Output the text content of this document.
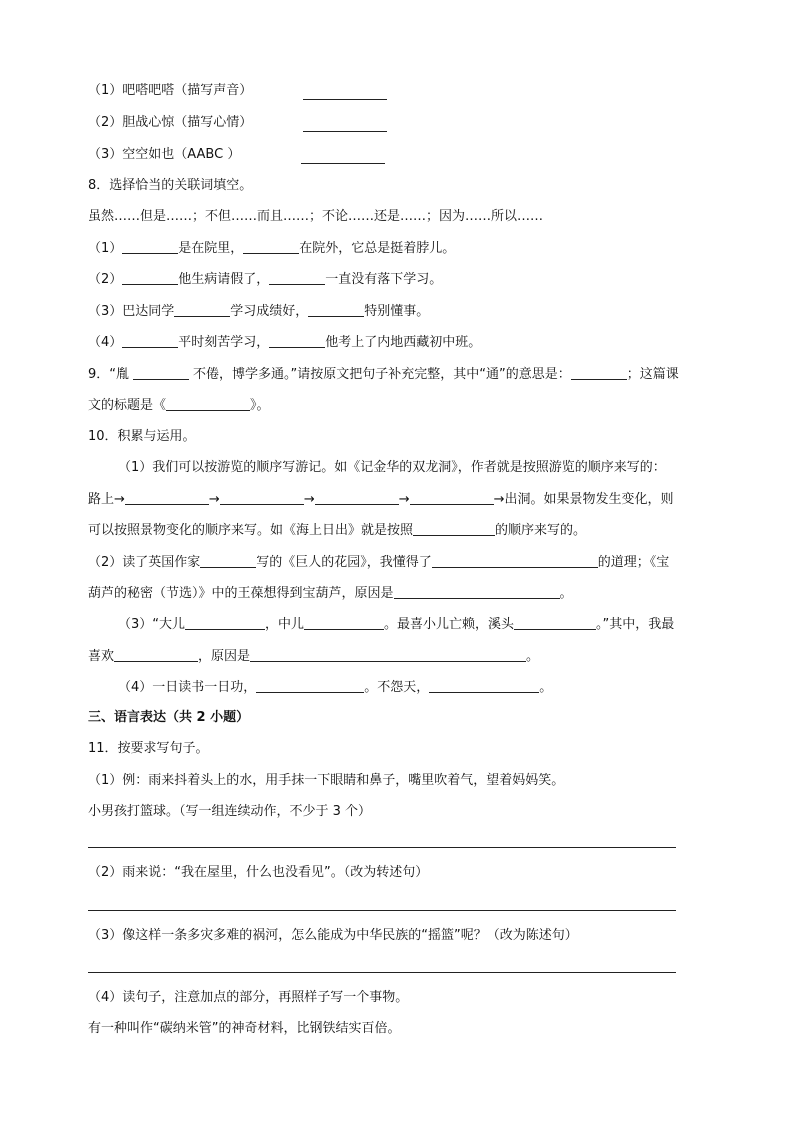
（1）吧嗒吧嗒（描写声音）
（2）胆战心惊（描写心情）
（3）空空如也（AABC ）
8．选择恰当的关联词填空。
虽然……但是……；不但……而且……；不论……还是……；因为……所以……
（1）	是在院里，	在院外，它总是挺着脖儿。
（2）	他生病请假了，	一直没有落下学习。
（3）巴达同学	学习成绩好，	特别懂事。
（4）	平时刻苦学习，	他考上了内地西藏初中班。
9．“胤	不倦，博学多通。”请按原文把句子补充完整，其中“通”的意思是：	；这篇课
文的标题是《	》。
10．积累与运用。
（1）我们可以按游览的顺序写游记。如《记金华的双龙洞》，作者就是按照游览的顺序来写的：
路上→	→	→	→	→出洞。如果景物发生变化，则
可以按照景物变化的顺序来写。如《海上日出》就是按照	的顺序来写的。
（2）读了英国作家	写的《巨人的花园》，我懂得了	的道理；《宝
葫芦的秘密（节选）》中的王葆想得到宝葫芦，原因是	。
（3）“大儿	，中儿	。最喜小儿亡赖，溪头	。”其中，我最
喜欢	，原因是	。
（4）一日读书一日功，	。不怨天，	。
三、语言表达（共 2 小题）
11．按要求写句子。
（1）例：雨来抖着头上的水，用手抹一下眼睛和鼻子，嘴里吹着气，望着妈妈笑。
小男孩打篮球。（写一组连续动作，不少于 3 个）
（2）雨来说：“我在屋里，什么也没看见”。（改为转述句）
（3）像这样一条多灾多难的祸河，怎么能成为中华民族的“摇篮”呢？（改为陈述句）
（4）读句子，注意加点的部分，再照样子写一个事物。
有一种叫作“碳纳米管”的神奇材料，比钢铁结实百倍。
